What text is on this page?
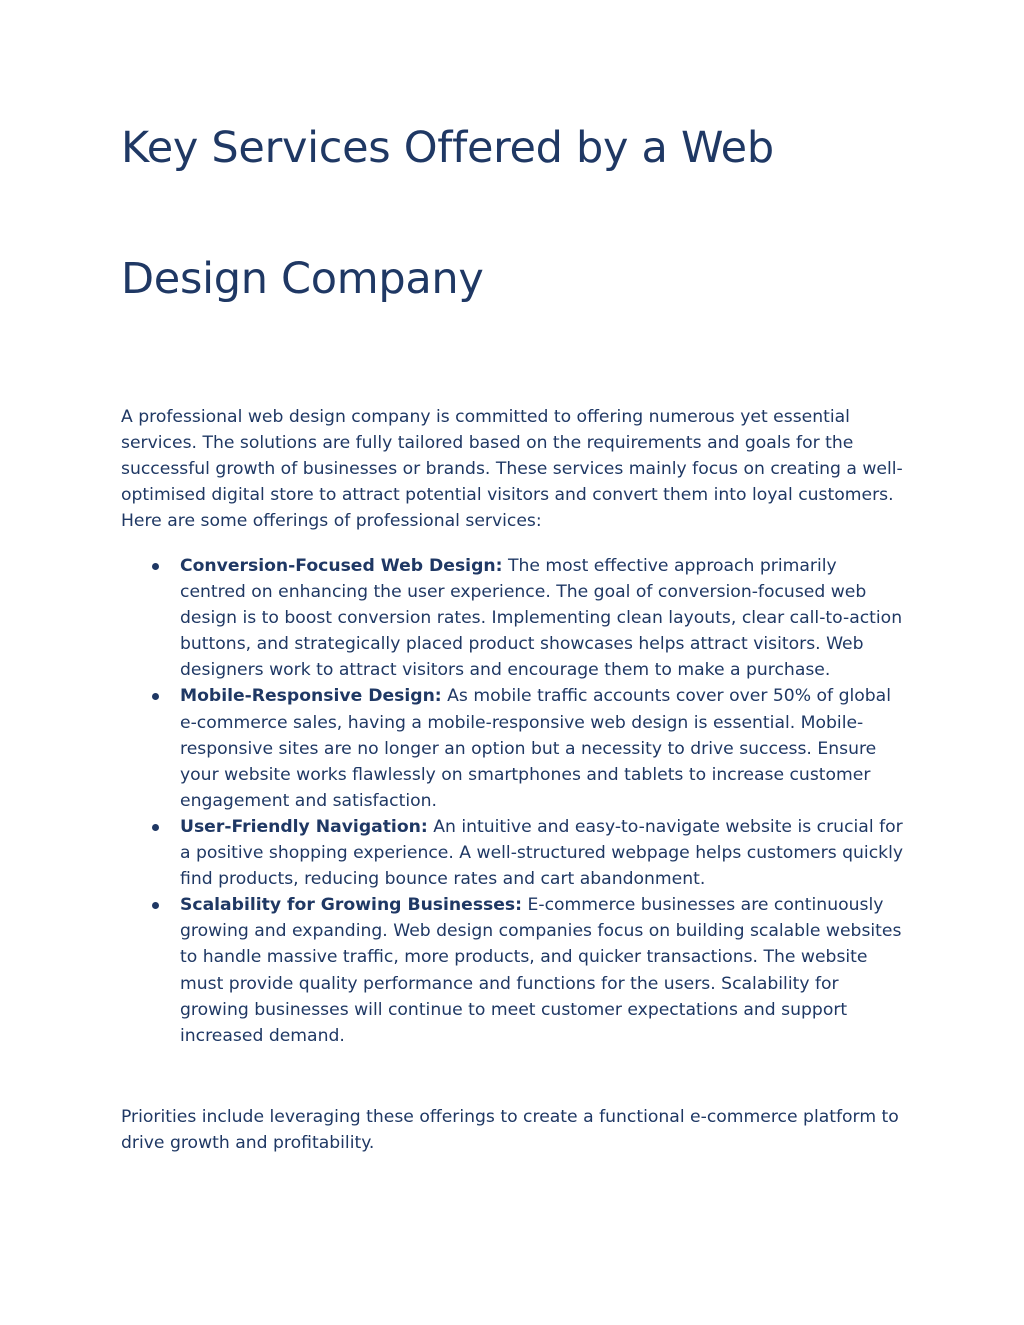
Key Services Offered by a Web
Design Company

A professional web design company is committed to offering numerous yet essential services. The solutions are fully tailored based on the requirements and goals for the successful growth of businesses or brands. These services mainly focus on creating a well-optimised digital store to attract potential visitors and convert them into loyal customers. Here are some offerings of professional services:

Conversion-Focused Web Design: The most effective approach primarily centred on enhancing the user experience. The goal of conversion-focused web design is to boost conversion rates. Implementing clean layouts, clear call-to-action buttons, and strategically placed product showcases helps attract visitors. Web designers work to attract visitors and encourage them to make a purchase.
Mobile-Responsive Design: As mobile traffic accounts cover over 50% of global e-commerce sales, having a mobile-responsive web design is essential. Mobile-responsive sites are no longer an option but a necessity to drive success. Ensure your website works flawlessly on smartphones and tablets to increase customer engagement and satisfaction.
User-Friendly Navigation: An intuitive and easy-to-navigate website is crucial for a positive shopping experience. A well-structured webpage helps customers quickly find products, reducing bounce rates and cart abandonment.
Scalability for Growing Businesses: E-commerce businesses are continuously growing and expanding. Web design companies focus on building scalable websites to handle massive traffic, more products, and quicker transactions. The website must provide quality performance and functions for the users. Scalability for growing businesses will continue to meet customer expectations and support increased demand.

Priorities include leveraging these offerings to create a functional e-commerce platform to drive growth and profitability.
